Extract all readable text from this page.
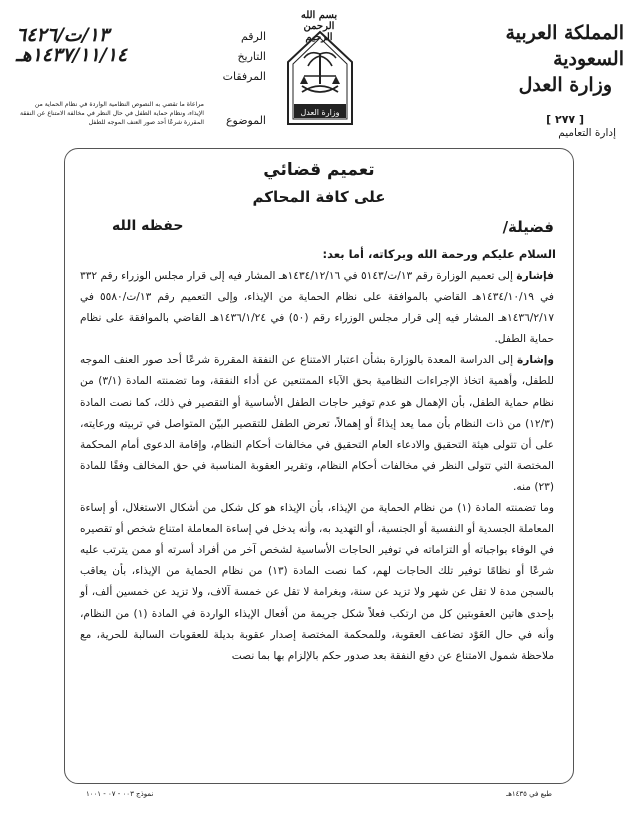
المملكة العربية السعودية
وزارة العدل
[ ٢٧٧ ]
إدارة التعاميم
بسم الله الرحمن الرحيم
وزارة العدل
الرقم
١٣/ت/٦٤٢٦
التاريخ
١٤٣٧/١١/١٤هـ
المرفقات
الموضوع
مراعاة ما تقضي به النصوص النظامية الواردة في نظام الحماية من الإيذاء، ونظام حماية الطفل في حال النظر في مخالفة الامتناع عن النفقة المقررة شرعًا أحد صور العنف الموجه للطفل
تعميم قضائي
على كافة المحاكم
فضيلة/
حفظه الله
السلام عليكم ورحمة الله وبركاته، أما بعد:

فإشارة إلى تعميم الوزارة رقم ١٣/ت/٥١٤٣ في ١٤٣٤/١٢/١٦هـ المشار فيه إلى قرار مجلس الوزراء رقم ٣٣٢ في ١٤٣٤/١٠/١٩هـ القاضي بالموافقة على نظام الحماية من الإيذاء، وإلى التعميم رقم ١٣/ت/٥٥٨٠ في ١٤٣٦/٢/١٧هـ المشار فيه إلى قرار مجلس الوزراء رقم (٥٠) في ١٤٣٦/١/٢٤هـ القاضي بالموافقة على نظام حماية الطفل.

وإشارة إلى الدراسة المعدة بالوزارة بشأن اعتبار الامتناع عن النفقة المقررة شرعًا أحد صور العنف الموجه للطفل، وأهمية اتخاذ الإجراءات النظامية بحق الآباء الممتنعين عن أداء النفقة، وما تضمنته المادة (٣/١) من نظام حماية الطفل، بأن الإهمال هو عدم توفير حاجات الطفل الأساسية أو التقصير في ذلك، كما نصت المادة (١٢/٣) من ذات النظام بأن مما يعد إيذاءً أو إهمالاً، تعرض الطفل للتقصير البيّن المتواصل في تربيته ورعايته، على أن تتولى هيئة التحقيق والادعاء العام التحقيق في مخالفات أحكام النظام، وإقامة الدعوى أمام المحكمة المختصة التي تتولى النظر في مخالفات أحكام النظام، وتقرير العقوبة المناسبة في حق المخالف وفقًا للمادة (٢٣) منه.

وما تضمنته المادة (١) من نظام الحماية من الإيذاء، بأن الإيذاء هو كل شكل من أشكال الاستغلال، أو إساءة المعاملة الجسدية أو النفسية أو الجنسية، أو التهديد به، وأنه يدخل في إساءة المعاملة امتناع شخص أو تقصيره في الوفاء بواجباته أو التزاماته في توفير الحاجات الأساسية لشخص آخر من أفراد أسرته أو ممن يترتب عليه شرعًا أو نظامًا توفير تلك الحاجات لهم، كما نصت المادة (١٣) من نظام الحماية من الإيذاء، بأن يعاقب بالسجن مدة لا تقل عن شهر ولا تزيد عن سنة، وبغرامة لا تقل عن خمسة آلاف، ولا تزيد عن خمسين ألف، أو بإحدى هاتين العقوبتين كل من ارتكب فعلاً شكل جريمة من أفعال الإيذاء الواردة في المادة (١) من النظام، وأنه في حال العَوْد تضاعف العقوبة، وللمحكمة المختصة إصدار عقوبة بديلة للعقوبات السالبة للحرية، مع ملاحظة شمول الامتناع عن دفع النفقة بعد صدور حكم بالإلزام بها بما نصت

نموذج ٠٠٣ - ٠٧ - ١٠٠١	طبع في ١٤٣٥هـ
